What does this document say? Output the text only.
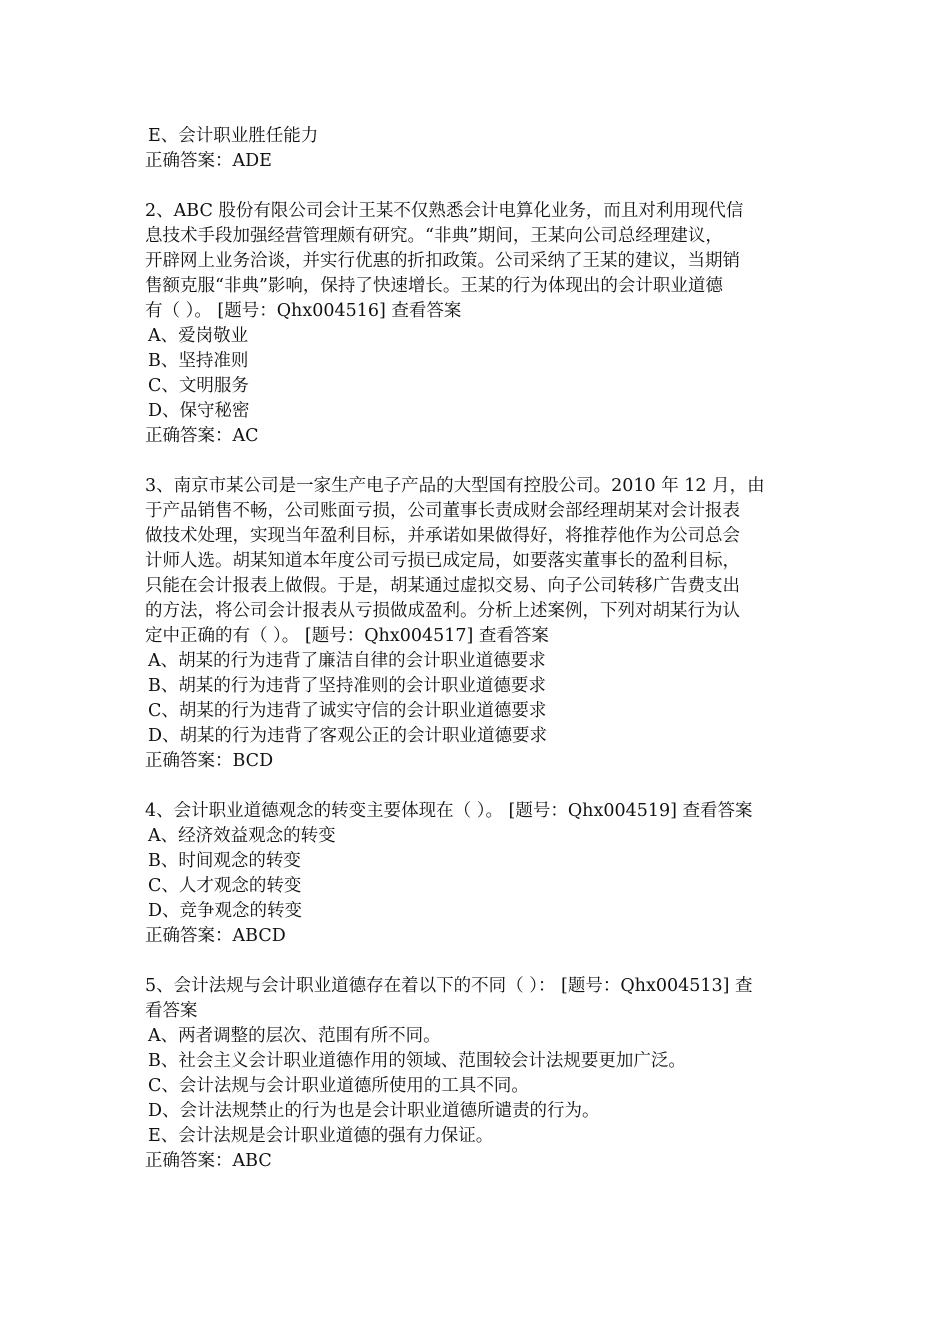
E、会计职业胜任能力
正确答案：ADE
2、ABC 股份有限公司会计王某不仅熟悉会计电算化业务，而且对利用现代信
息技术手段加强经营管理颇有研究。“非典”期间，王某向公司总经理建议，
开辟网上业务洽谈，并实行优惠的折扣政策。公司采纳了王某的建议，当期销
售额克服“非典”影响，保持了快速增长。王某的行为体现出的会计职业道德
有（ ）。 [题号：Qhx004516] 查看答案
A、爱岗敬业
B、坚持准则
C、文明服务
D、保守秘密
正确答案：AC
3、南京市某公司是一家生产电子产品的大型国有控股公司。2010 年 12 月，由
于产品销售不畅，公司账面亏损，公司董事长责成财会部经理胡某对会计报表
做技术处理，实现当年盈利目标，并承诺如果做得好，将推荐他作为公司总会
计师人选。胡某知道本年度公司亏损已成定局，如要落实董事长的盈利目标，
只能在会计报表上做假。于是，胡某通过虚拟交易、向子公司转移广告费支出
的方法，将公司会计报表从亏损做成盈利。分析上述案例，下列对胡某行为认
定中正确的有（ ）。 [题号：Qhx004517] 查看答案
A、胡某的行为违背了廉洁自律的会计职业道德要求
B、胡某的行为违背了坚持准则的会计职业道德要求
C、胡某的行为违背了诚实守信的会计职业道德要求
D、胡某的行为违背了客观公正的会计职业道德要求
正确答案：BCD
4、会计职业道德观念的转变主要体现在（ ）。 [题号：Qhx004519] 查看答案
A、经济效益观念的转变
B、时间观念的转变
C、人才观念的转变
D、竞争观念的转变
正确答案：ABCD
5、会计法规与会计职业道德存在着以下的不同（ ）： [题号：Qhx004513] 查
看答案
A、两者调整的层次、范围有所不同。
B、社会主义会计职业道德作用的领域、范围较会计法规要更加广泛。
C、会计法规与会计职业道德所使用的工具不同。
D、会计法规禁止的行为也是会计职业道德所谴责的行为。
E、会计法规是会计职业道德的强有力保证。
正确答案：ABC
